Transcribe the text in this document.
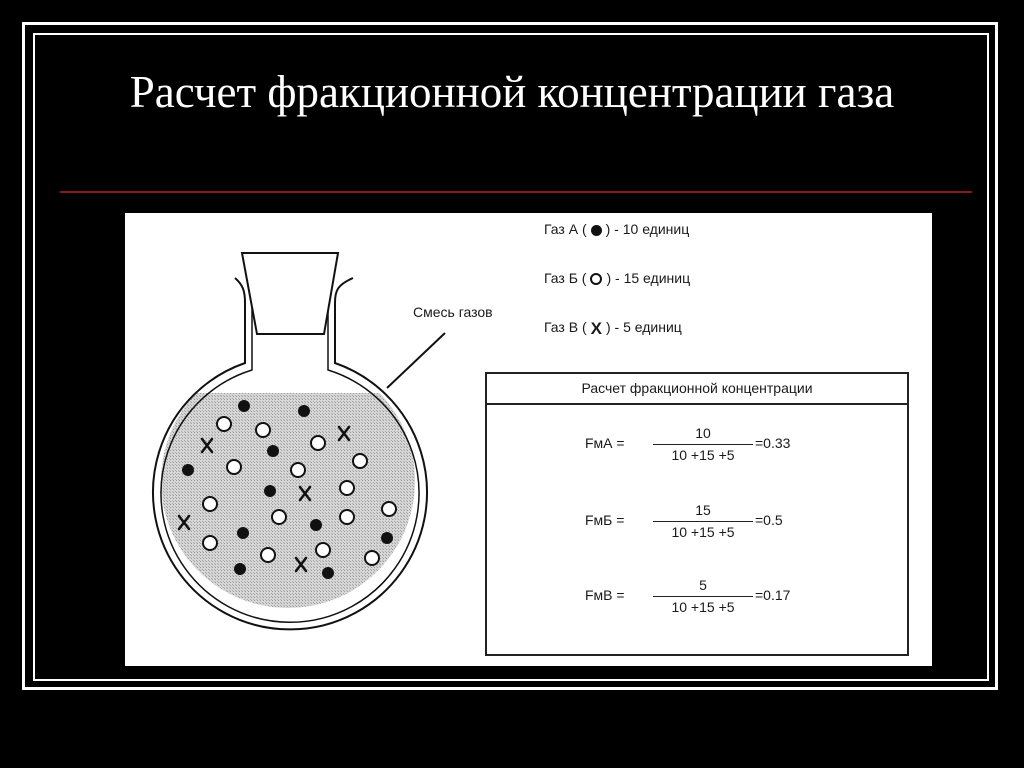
Расчет фракционной концентрации газа
Газ А ( ) - 10 единиц
Газ Б ( ) - 15 единиц
Газ В ( X ) - 5 единиц
Смесь газов
Расчет фракционной концентрации
FмА = $\frac{10}{10 +15 +5} =0.33$
FмБ = $\frac{15}{10 +15 +5} =0.5$
FмВ = $\frac{5}{10 +15 +5} =0.17$
